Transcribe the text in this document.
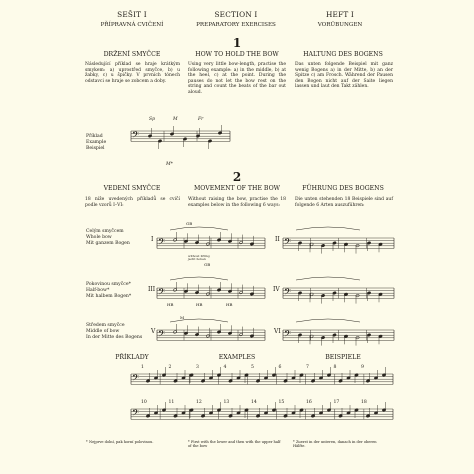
SEŠIT I
PŘÍPRAVNÁ CVIČENÍ
SECTION I
PREPARATORY EXERCISES
HEFT I
VORÜBUNGEN
1
DRŽENÍ SMYČCE	HOW TO HOLD THE BOW	HALTUNG DES BOGENS
Následující příklad se hraje krátkým smykem: a) uprostřed smyčce, b) u žabky, c) u špičky. V prvních tónech odstavci se hraje se zobcem a doby.
Using very little bow-length, practise the following example: a) in the middle, b) at the heel, c) at the point. During the pauses do not let the bow rest on the string and count the beats of the bar out aloud.
Das unten folgende Beispiel mit ganz wenig Bogens a) in der Mitte, b) an der Spitze c) am Frosch. Während der Pausen den Bogen nicht auf der Saite liegen lassen und laut den Takt zählen.
Příklad
Example
Beispiel
Sp	M	Fr
M*
2
VEDENÍ SMYČCE	MOVEMENT OF THE BOW	FÜHRUNG DES BOGENS
18 níže uvedených příkladů se cvičí podle vzorů I–VI:
Without raising the bow, practise the 18 examples below in the following 6 ways:
Die unten stehenden 18 Beispiele sind auf folgende 6 Arten auszuführen:
Celým smyčcem
Whole bow
Mit ganzem Bogen
Pokovinou smyčce*
Half-bow*
Mit halbem Bogen*
Středem smyčce
Middle of bow
In der Mitte des Bogens
I	II
III	IV
V	VI
GB
GB
HB	HB	HB
M
without lifting
jacht hoben
PŘÍKLADY	EXAMPLES	BEISPIELE
1	2	3	4	5	6	7	8	9
10	11	12	13	14	15	16	17	18
* Nejprve dolní, pak horní polovinou.	* First with the lower and then with the upper half of the bow
* Zuerst in der unteren, danach in der oberen Hälfte.
𝄢
𝄢	𝄢
𝄢	𝄢
𝄢	𝄢
𝄢
𝄢
